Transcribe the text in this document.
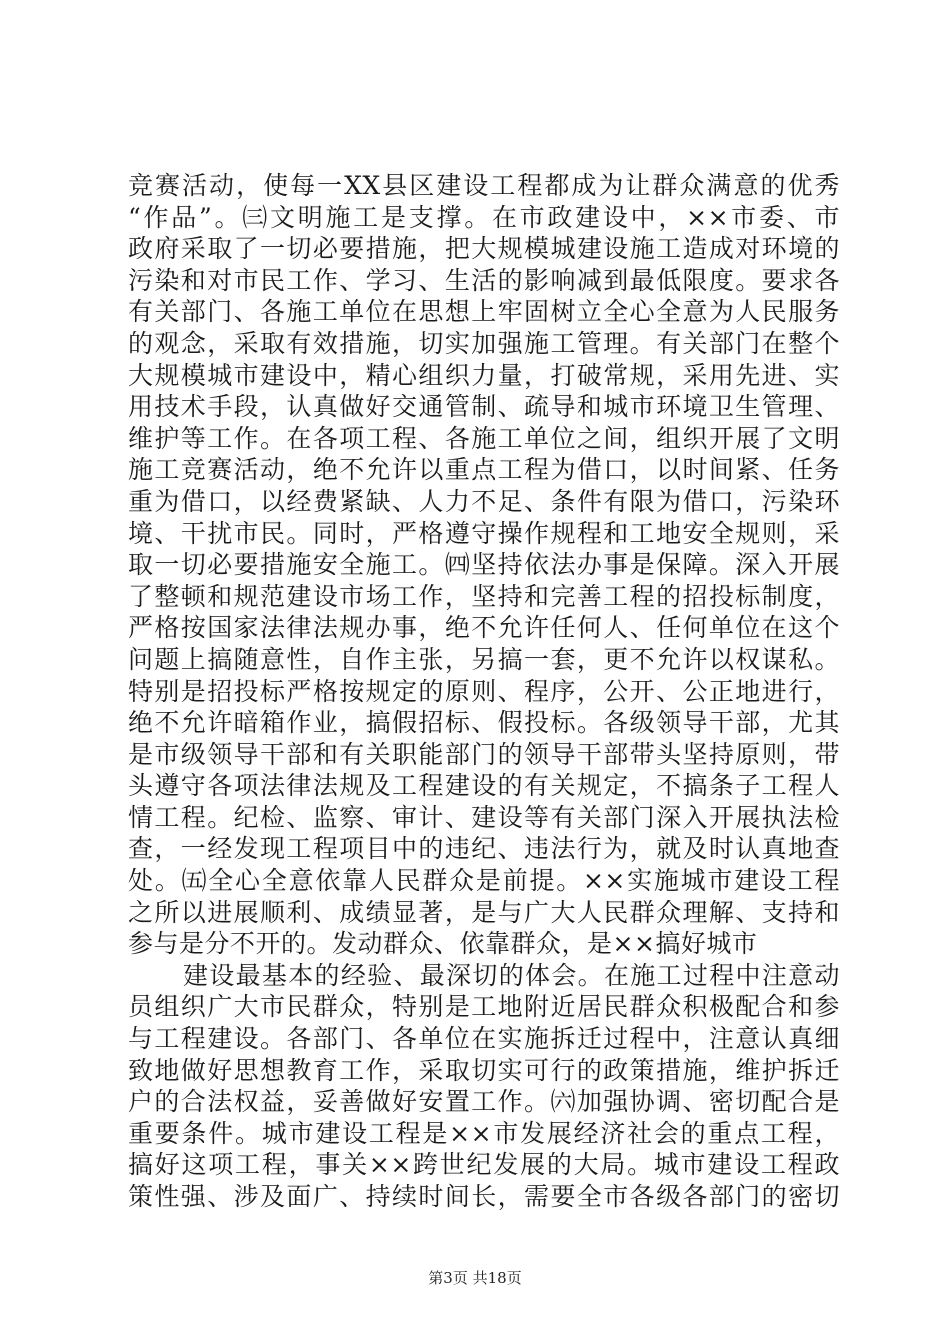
竞赛活动，使每一XX县区建设工程都成为让群众满意的优秀
“作品”。㈢文明施工是支撑。在市政建设中，××市委、市
政府采取了一切必要措施，把大规模城建设施工造成对环境的
污染和对市民工作、学习、生活的影响减到最低限度。要求各
有关部门、各施工单位在思想上牢固树立全心全意为人民服务
的观念，采取有效措施，切实加强施工管理。有关部门在整个
大规模城市建设中，精心组织力量，打破常规，采用先进、实
用技术手段，认真做好交通管制、疏导和城市环境卫生管理、
维护等工作。在各项工程、各施工单位之间，组织开展了文明
施工竞赛活动，绝不允许以重点工程为借口，以时间紧、任务
重为借口，以经费紧缺、人力不足、条件有限为借口，污染环
境、干扰市民。同时，严格遵守操作规程和工地安全规则，采
取一切必要措施安全施工。㈣坚持依法办事是保障。深入开展
了整顿和规范建设市场工作，坚持和完善工程的招投标制度，
严格按国家法律法规办事，绝不允许任何人、任何单位在这个
问题上搞随意性，自作主张，另搞一套，更不允许以权谋私。
特别是招投标严格按规定的原则、程序，公开、公正地进行，
绝不允许暗箱作业，搞假招标、假投标。各级领导干部，尤其
是市级领导干部和有关职能部门的领导干部带头坚持原则，带
头遵守各项法律法规及工程建设的有关规定，不搞条子工程人
情工程。纪检、监察、审计、建设等有关部门深入开展执法检
查，一经发现工程项目中的违纪、违法行为，就及时认真地查
处。㈤全心全意依靠人民群众是前提。××实施城市建设工程
之所以进展顺利、成绩显著，是与广大人民群众理解、支持和
参与是分不开的。发动群众、依靠群众，是××搞好城市
建设最基本的经验、最深切的体会。在施工过程中注意动
员组织广大市民群众，特别是工地附近居民群众积极配合和参
与工程建设。各部门、各单位在实施拆迁过程中，注意认真细
致地做好思想教育工作，采取切实可行的政策措施，维护拆迁
户的合法权益，妥善做好安置工作。㈥加强协调、密切配合是
重要条件。城市建设工程是××市发展经济社会的重点工程，
搞好这项工程，事关××跨世纪发展的大局。城市建设工程政
策性强、涉及面广、持续时间长，需要全市各级各部门的密切
第3页 共18页
